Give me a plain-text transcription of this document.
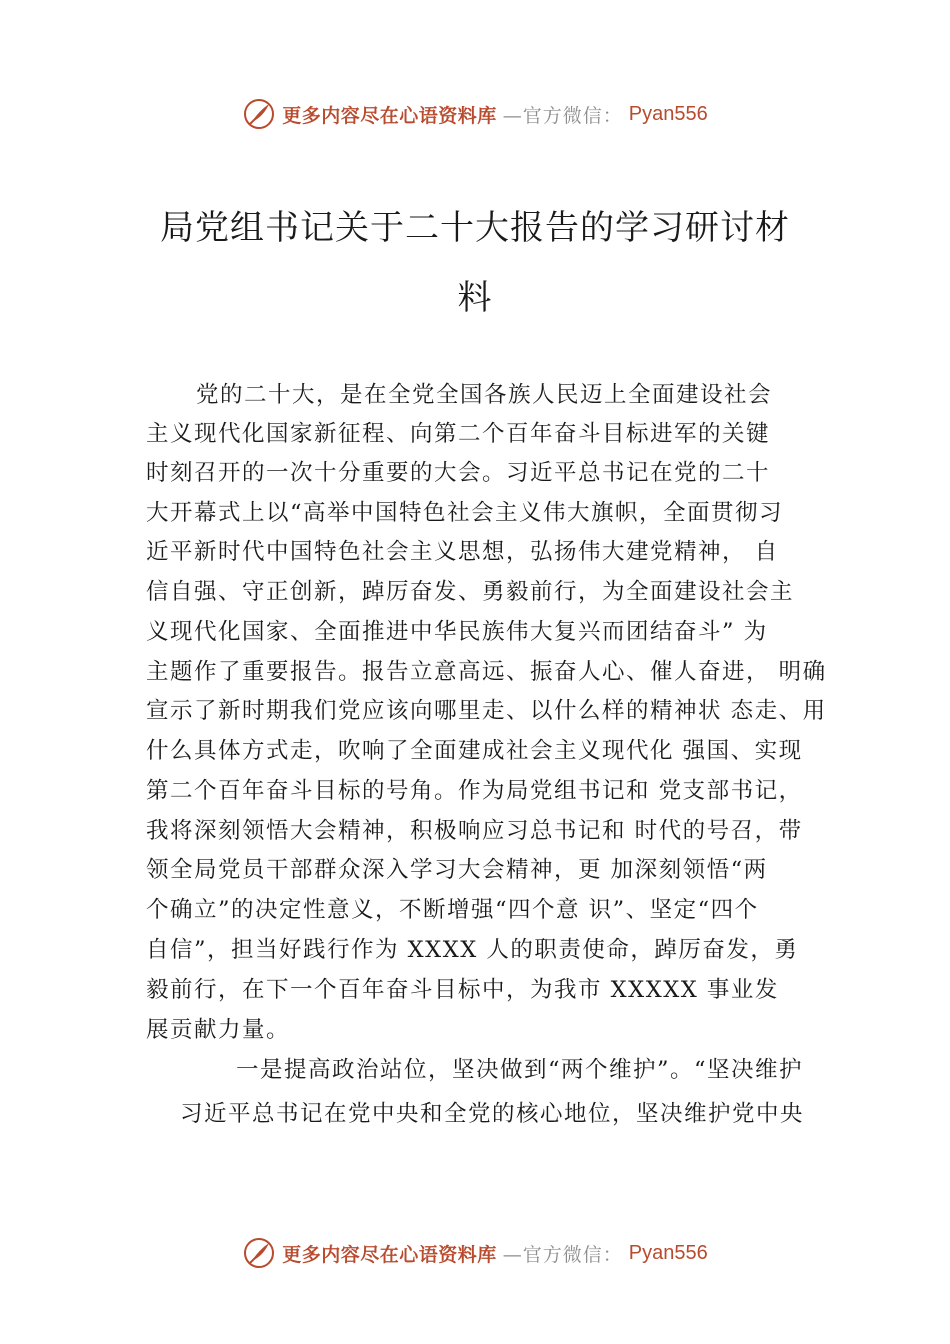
更多内容尽在心语资料库 —官方微信： Pyan556
局党组书记关于二十大报告的学习研讨材
料
党的二十大，是在全党全国各族人民迈上全面建设社会
主义现代化国家新征程、向第二个百年奋斗目标进军的关键
时刻召开的一次十分重要的大会。习近平总书记在党的二十
大开幕式上以“高举中国特色社会主义伟大旗帜，全面贯彻习
近平新时代中国特色社会主义思想，弘扬伟大建党精神， 自
信自强、守正创新，踔厉奋发、勇毅前行，为全面建设社会主
义现代化国家、全面推进中华民族伟大复兴而团结奋斗” 为
主题作了重要报告。报告立意高远、振奋人心、催人奋进， 明确
宣示了新时期我们党应该向哪里走、以什么样的精神状 态走、用
什么具体方式走，吹响了全面建成社会主义现代化 强国、实现
第二个百年奋斗目标的号角。作为局党组书记和 党支部书记，
我将深刻领悟大会精神，积极响应习总书记和 时代的号召，带
领全局党员干部群众深入学习大会精神，更 加深刻领悟“两
个确立”的决定性意义，不断增强“四个意 识”、坚定“四个
自信”，担当好践行作为 XXXX 人的职责使命，踔厉奋发，勇
毅前行，在下一个百年奋斗目标中，为我市 XXXXX 事业发
展贡献力量。
一是提高政治站位，坚决做到“两个维护”。“坚决维护
习近平总书记在党中央和全党的核心地位，坚决维护党中央
更多内容尽在心语资料库 —官方微信： Pyan556
